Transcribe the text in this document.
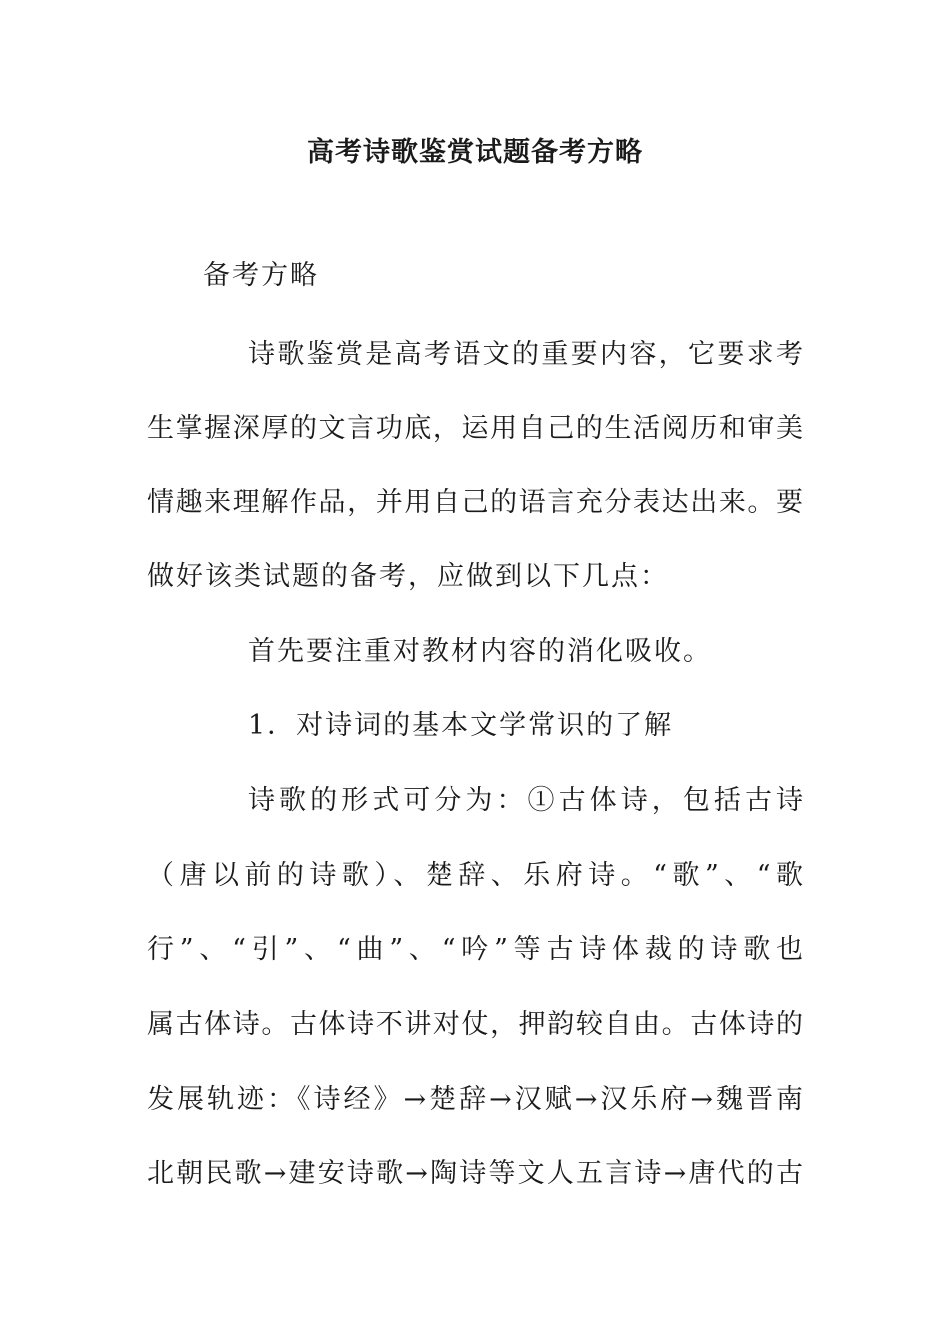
高考诗歌鉴赏试题备考方略
备考方略
诗歌鉴赏是高考语文的重要内容，它要求考
生掌握深厚的文言功底，运用自己的生活阅历和审美
情趣来理解作品，并用自己的语言充分表达出来。要
做好该类试题的备考，应做到以下几点：
首先要注重对教材内容的消化吸收。
1．对诗词的基本文学常识的了解
诗歌的形式可分为：①古体诗，包括古诗
（唐以前的诗歌）、楚辞、乐府诗。“歌”、“歌
行”、“引”、“曲”、“吟”等古诗体裁的诗歌也
属古体诗。古体诗不讲对仗，押韵较自由。古体诗的
发展轨迹：《诗经》→楚辞→汉赋→汉乐府→魏晋南
北朝民歌→建安诗歌→陶诗等文人五言诗→唐代的古
